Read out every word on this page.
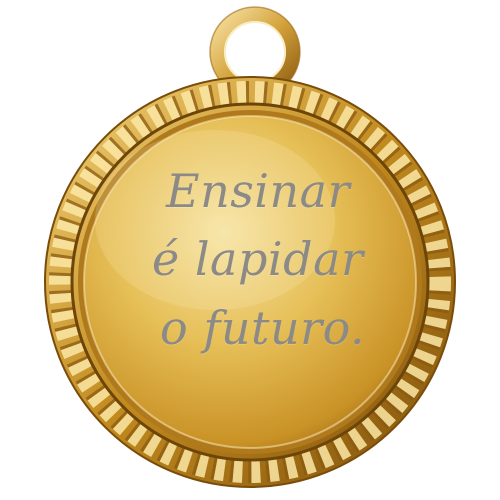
Ensinar
é lapidar
o futuro.
